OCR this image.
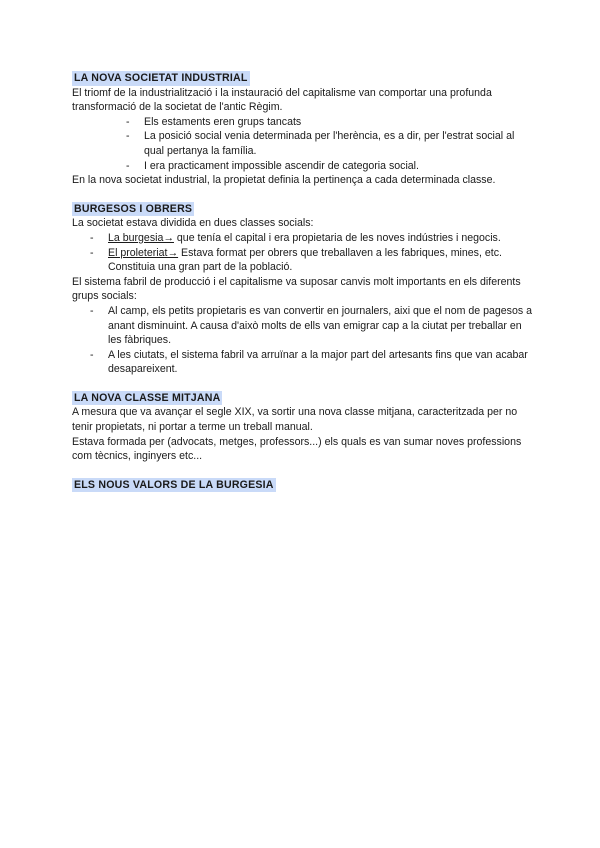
LA NOVA SOCIETAT INDUSTRIAL

El triomf de la industrialització i la instauració del capitalisme van comportar una profunda transformació de la societat de l'antic Règim.

- Els estaments eren grups tancats
- La posició social venia determinada per l'herència, es a dir, per l'estrat social al qual pertanya la família.
- I era practicament impossible ascendir de categoria social.

En la nova societat industrial, la propietat definia la pertinença a cada determinada classe.

BURGESOS I OBRERS

La societat estava dividida en dues classes socials:

- La burgesia→ que tenía el capital i era propietaria de les noves indústries i negocis.
- El proleteriat→ Estava format per obrers que treballaven a les fabriques, mines, etc. Constituia una gran part de la població.

El sistema fabril de producció i el capitalisme va suposar canvis molt importants en els diferents grups socials:

- Al camp, els petits propietaris es van convertir en journalers, aixi que el nom de pagesos a anant disminuint. A causa d'això molts de ells van emigrar cap a la ciutat per treballar en les fàbriques.
- A les ciutats, el sistema fabril va arruïnar a la major part del artesants fins que van acabar desapareixent.
LA NOVA CLASSE MITJANA

A mesura que va avançar el segle XIX, va sortir una nova classe mitjana, caracteritzada per no tenir propietats, ni portar a terme un treball manual.

Estava formada per (advocats, metges, professors...) els quals es van sumar noves professions com tècnics, inginyers etc...

ELS NOUS VALORS DE LA BURGESIA
